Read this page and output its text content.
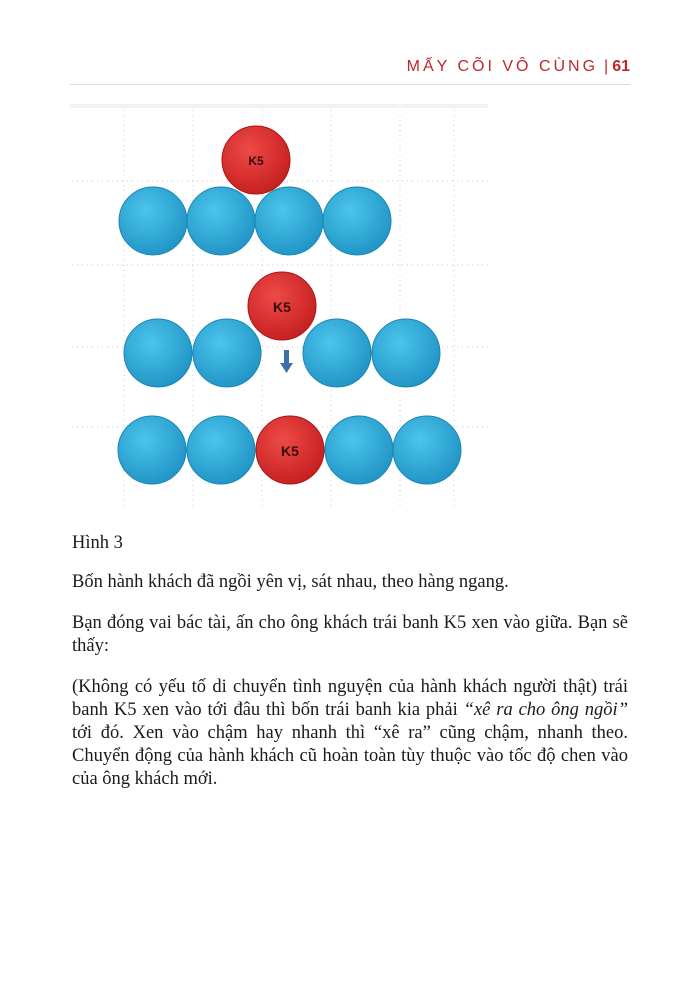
MẤY CÕI VÔ CÙNG | 61
K5
K5
K5

Hình 3

Bốn hành khách đã ngồi yên vị, sát nhau, theo hàng ngang.

Bạn đóng vai bác tài, ấn cho ông khách trái banh K5 xen vào giữa. Bạn sẽ thấy:

(Không có yếu tố di chuyển tình nguyện của hành khách người thật) trái banh K5 xen vào tới đâu thì bốn trái banh kia phải “xê ra cho ông ngồi” tới đó. Xen vào chậm hay nhanh thì “xê ra” cũng chậm, nhanh theo. Chuyển động của hành khách cũ hoàn toàn tùy thuộc vào tốc độ chen vào của ông khách mới.
